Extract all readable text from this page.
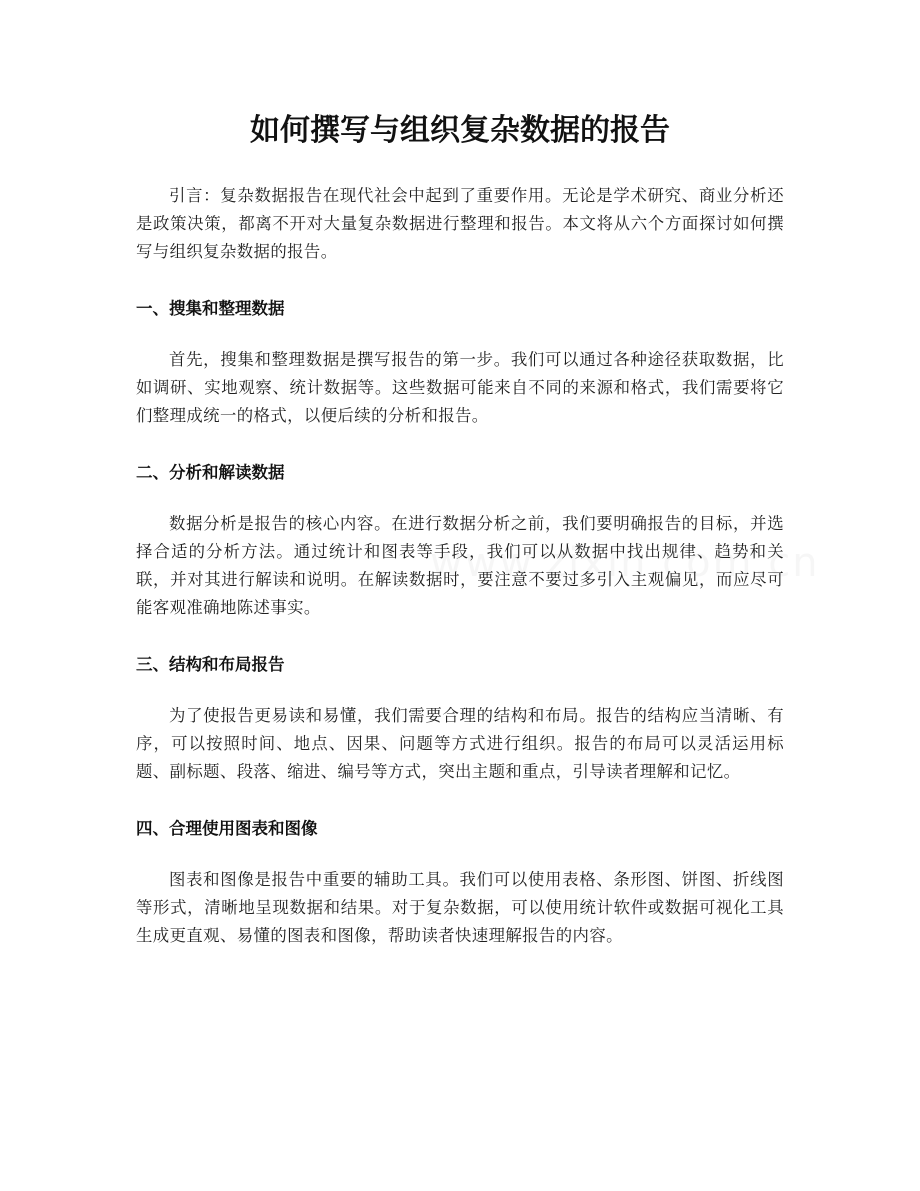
如何撰写与组织复杂数据的报告

引言：复杂数据报告在现代社会中起到了重要作用。无论是学术研究、商业分析还是政策决策，都离不开对大量复杂数据进行整理和报告。本文将从六个方面探讨如何撰写与组织复杂数据的报告。

一、搜集和整理数据

首先，搜集和整理数据是撰写报告的第一步。我们可以通过各种途径获取数据，比如调研、实地观察、统计数据等。这些数据可能来自不同的来源和格式，我们需要将它们整理成统一的格式，以便后续的分析和报告。

二、分析和解读数据

数据分析是报告的核心内容。在进行数据分析之前，我们要明确报告的目标，并选择合适的分析方法。通过统计和图表等手段，我们可以从数据中找出规律、趋势和关联，并对其进行解读和说明。在解读数据时，要注意不要过多引入主观偏见，而应尽可能客观准确地陈述事实。

三、结构和布局报告

为了使报告更易读和易懂，我们需要合理的结构和布局。报告的结构应当清晰、有序，可以按照时间、地点、因果、问题等方式进行组织。报告的布局可以灵活运用标题、副标题、段落、缩进、编号等方式，突出主题和重点，引导读者理解和记忆。

四、合理使用图表和图像

图表和图像是报告中重要的辅助工具。我们可以使用表格、条形图、饼图、折线图等形式，清晰地呈现数据和结果。对于复杂数据，可以使用统计软件或数据可视化工具生成更直观、易懂的图表和图像，帮助读者快速理解报告的内容。
